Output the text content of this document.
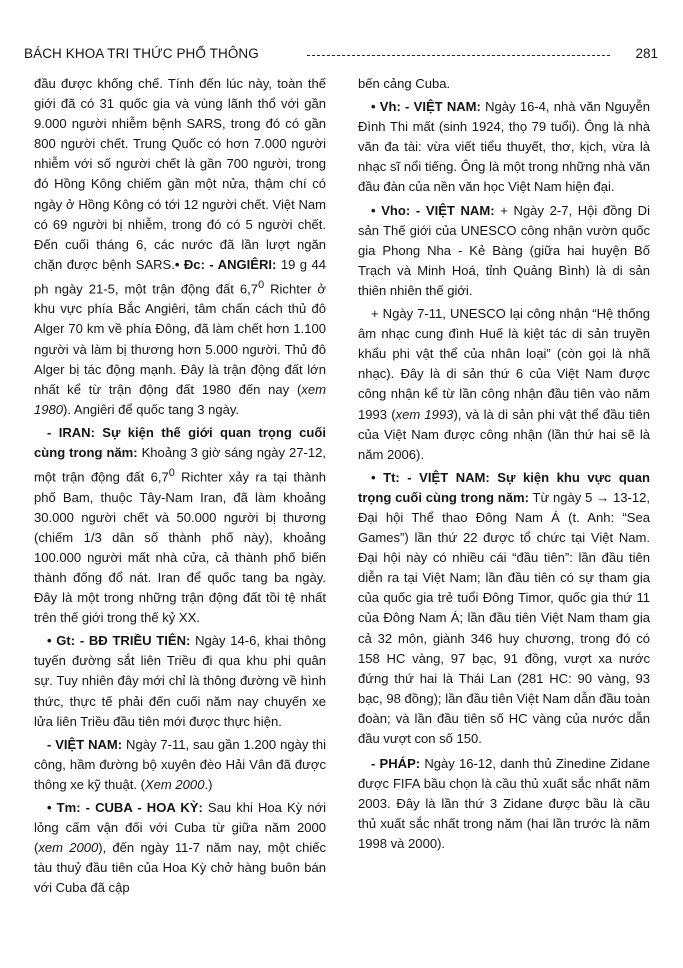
BÁCH KHOA TRI THỨC PHỔ THÔNG	281

đầu được khống chế. Tính đến lúc này, toàn thế giới đã có 31 quốc gia và vùng lãnh thổ với gần 9.000 người nhiễm bệnh SARS, trong đó có gần 800 người chết. Trung Quốc có hơn 7.000 người nhiễm với số người chết là gần 700 người, trong đó Hồng Kông chiếm gần một nửa, thậm chí có ngày ở Hồng Kông có tới 12 người chết. Việt Nam có 69 người bị nhiễm, trong đó có 5 người chết. Đến cuối tháng 6, các nước đã lần lượt ngăn chặn được bệnh SARS.• Đc: - ANGIÊRI: 19 g 44 ph ngày 21-5, một trận động đất $6,7^0$ Richter ở khu vực phía Bắc Angiêri, tâm chấn cách thủ đô Alger 70 km về phía Đông, đã làm chết hơn 1.100 người và làm bị thương hơn 5.000 người. Thủ đô Alger bị tác động mạnh. Đây là trận động đất lớn nhất kể từ trận động đất 1980 đến nay (xem 1980). Angiêri để quốc tang 3 ngày.

- IRAN: Sự kiện thế giới quan trọng cuối cùng trong năm: Khoảng 3 giờ sáng ngày 27-12, một trận động đất $6,7^0$ Richter xảy ra tại thành phố Bam, thuộc Tây-Nam Iran, đã làm khoảng 30.000 người chết và 50.000 người bị thương (chiếm 1/3 dân số thành phố này), khoảng 100.000 người mất nhà cửa, cả thành phố biến thành đống đổ nát. Iran để quốc tang ba ngày. Đây là một trong những trận động đất tồi tệ nhất trên thế giới trong thế kỷ XX.

• Gt: - BĐ TRIỀU TIÊN: Ngày 14-6, khai thông tuyến đường sắt liên Triều đi qua khu phi quân sự. Tuy nhiên đây mới chỉ là thông đường về hình thức, thực tế phải đến cuối năm nay chuyến xe lửa liên Triều đầu tiên mới được thực hiện.

- VIỆT NAM: Ngày 7-11, sau gần 1.200 ngày thi công, hầm đường bộ xuyên đèo Hải Vân đã được thông xe kỹ thuật. (Xem 2000.)

• Tm: - CUBA - HOA KỲ: Sau khi Hoa Kỳ nới lỏng cấm vận đối với Cuba từ giữa năm 2000 (xem 2000), đến ngày 11-7 năm nay, một chiếc tàu thuỷ đầu tiên của Hoa Kỳ chở hàng buôn bán với Cuba đã cập

bến cảng Cuba.

• Vh: - VIỆT NAM: Ngày 16-4, nhà văn Nguyễn Đình Thi mất (sinh 1924, thọ 79 tuổi). Ông là nhà văn đa tài: vừa viết tiểu thuyết, thơ, kịch, vừa là nhạc sĩ nổi tiếng. Ông là một trong những nhà văn đầu đàn của nền văn học Việt Nam hiện đại.

• Vho: - VIỆT NAM: + Ngày 2-7, Hội đồng Di sản Thế giới của UNESCO công nhận vườn quốc gia Phong Nha - Kẻ Bàng (giữa hai huyện Bố Trạch và Minh Hoá, tỉnh Quảng Bình) là di sản thiên nhiên thế giới.

+ Ngày 7-11, UNESCO lại công nhận “Hệ thống âm nhạc cung đình Huế là kiệt tác di sản truyền khẩu phi vật thể của nhân loại” (còn gọi là nhã nhạc). Đây là di sản thứ 6 của Việt Nam được công nhận kể từ lần công nhận đầu tiên vào năm 1993 (xem 1993), và là di sản phi vật thể đầu tiên của Việt Nam được công nhận (lần thứ hai sẽ là năm 2006).

• Tt: - VIỆT NAM: Sự kiện khu vực quan trọng cuối cùng trong năm: Từ ngày 5 → 13-12, Đại hội Thể thao Đông Nam Á (t. Anh: “Sea Games”) lần thứ 22 được tổ chức tại Việt Nam. Đại hội này có nhiều cái “đầu tiên”: lần đầu tiên diễn ra tại Việt Nam; lần đầu tiên có sự tham gia của quốc gia trẻ tuổi Đông Timor, quốc gia thứ 11 của Đông Nam Á; lần đầu tiên Việt Nam tham gia cả 32 môn, giành 346 huy chương, trong đó có 158 HC vàng, 97 bạc, 91 đồng, vượt xa nước đứng thứ hai là Thái Lan (281 HC: 90 vàng, 93 bạc, 98 đồng); lần đầu tiên Việt Nam dẫn đầu toàn đoàn; và lần đầu tiên số HC vàng của nước dẫn đầu vượt con số 150.

- PHÁP: Ngày 16-12, danh thủ Zinedine Zidane được FIFA bầu chọn là cầu thủ xuất sắc nhất năm 2003. Đây là lần thứ 3 Zidane được bầu là cầu thủ xuất sắc nhất trong năm (hai lần trước là năm 1998 và 2000).
